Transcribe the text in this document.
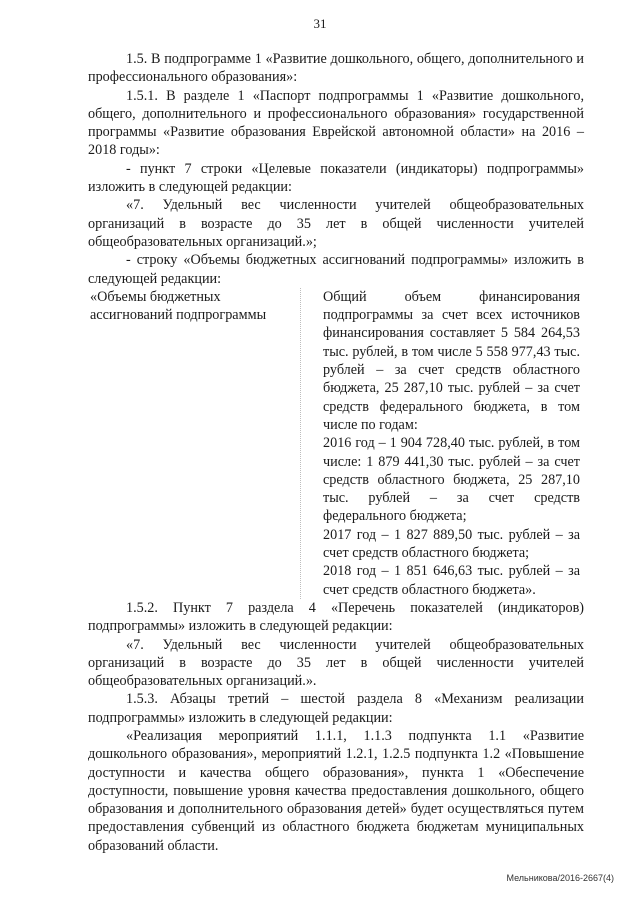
31

1.5. В подпрограмме 1 «Развитие дошкольного, общего, дополнительного и профессионального образования»:

1.5.1. В разделе 1 «Паспорт подпрограммы 1 «Развитие дошкольного, общего, дополнительного и профессионального образования» государственной программы «Развитие образования Еврейской автономной области» на 2016 – 2018 годы»:

- пункт 7 строки «Целевые показатели (индикаторы) подпрограммы» изложить в следующей редакции:

«7. Удельный вес численности учителей общеобразовательных организаций в возрасте до 35 лет в общей численности учителей общеобразовательных организаций.»;

- строку «Объемы бюджетных ассигнований подпрограммы» изложить в следующей редакции:

«Объемы бюджетных ассигнований подпрограммы

Общий объем финансирования подпрограммы за счет всех источников финансирования составляет 5 584 264,53 тыс. рублей, в том числе 5 558 977,43 тыс. рублей – за счет средств областного бюджета, 25 287,10 тыс. рублей – за счет средств федерального бюджета, в том числе по годам:

2016 год – 1 904 728,40 тыс. рублей, в том числе: 1 879 441,30 тыс. рублей – за счет средств областного бюджета, 25 287,10 тыс. рублей – за счет средств федерального бюджета;

2017 год – 1 827 889,50 тыс. рублей – за счет средств областного бюджета;

2018 год – 1 851 646,63 тыс. рублей – за счет средств областного бюджета».

1.5.2. Пункт 7 раздела 4 «Перечень показателей (индикаторов) подпрограммы» изложить в следующей редакции:

«7. Удельный вес численности учителей общеобразовательных организаций в возрасте до 35 лет в общей численности учителей общеобразовательных организаций.».

1.5.3. Абзацы третий – шестой раздела 8 «Механизм реализации подпрограммы» изложить в следующей редакции:

«Реализация мероприятий 1.1.1, 1.1.3 подпункта 1.1 «Развитие дошкольного образования», мероприятий 1.2.1, 1.2.5 подпункта 1.2 «Повышение доступности и качества общего образования», пункта 1 «Обеспечение доступности, повышение уровня качества предоставления дошкольного, общего образования и дополнительного образования детей» будет осуществляться путем предоставления субвенций из областного бюджета бюджетам муниципальных образований области.

Мельникова/2016-2667(4)
